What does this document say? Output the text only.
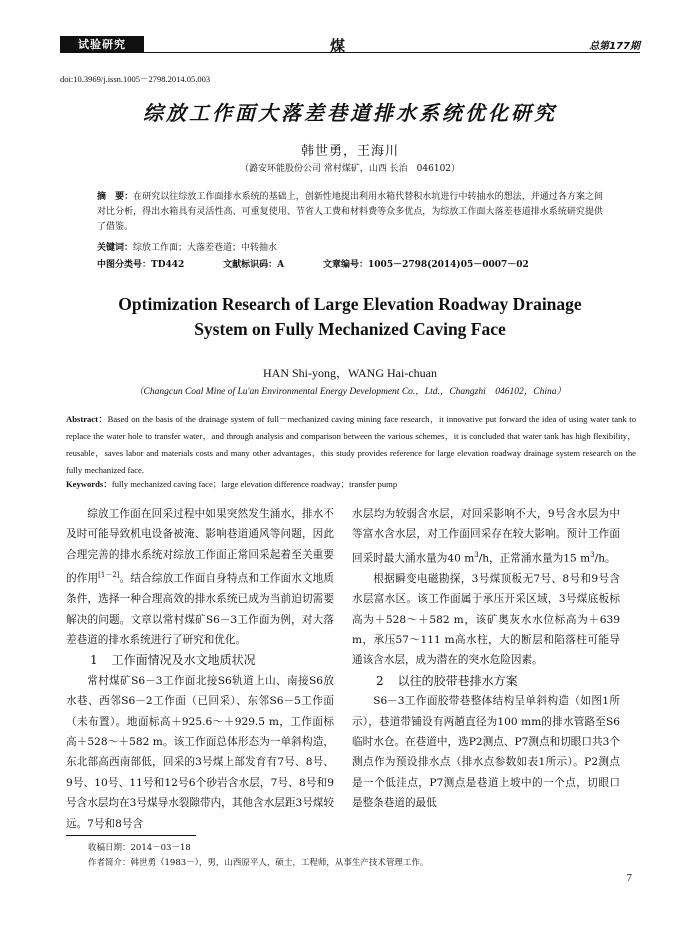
试验研究	煤	总第177期
doi:10.3969/j.issn.1005－2798.2014.05.003
综放工作面大落差巷道排水系统优化研究
韩世勇，王海川
（潞安环能股份公司 常村煤矿，山西 长治　046102）
摘　要：在研究以往综放工作面排水系统的基础上，创新性地提出利用水箱代替积水坑进行中转抽水的想法，并通过各方案之间对比分析，得出水箱具有灵活性高、可重复使用、节省人工费和材料费等众多优点，为综放工作面大落差巷道排水系统研究提供了借鉴。
关键词：综放工作面；大落差巷道；中转抽水
中图分类号：TD442	文献标识码：A	文章编号：1005－2798(2014)05－0007－02
Optimization Research of Large Elevation Roadway Drainage
System on Fully Mechanized Caving Face
HAN Shi-yong，WANG Hai-chuan
（Changcun Coal Mine of Lu'an Environmental Energy Development Co.，Ltd.，Changzhi　046102，China）
Abstract：Based on the basis of the drainage system of full－mechanized caving mining face research，it innovative put forward the idea of using water tank to replace the water hole to transfer water，and through analysis and comparison between the various schemes，it is concluded that water tank has high flexibility，reusable，saves labor and materials costs and many other advantages，this study provides reference for large elevation roadway drainage system research on the fully mechanized face.
Keywords：fully mechanized caving face；large elevation difference roadway；transfer pump

综放工作面在回采过程中如果突然发生涌水，排水不及时可能导致机电设备被淹、影响巷道通风等问题，因此合理完善的排水系统对综放工作面正常回采起着至关重要的作用[1－2]。结合综放工作面自身特点和工作面水文地质条件，选择一种合理高效的排水系统已成为当前迫切需要解决的问题。文章以常村煤矿S6－3工作面为例，对大落差巷道的排水系统进行了研究和优化。

1 工作面情况及水文地质状况

常村煤矿S6－3工作面北接S6轨道上山、南接S6放水巷、西邻S6－2工作面（已回采）、东邻S6－5工作面（未布置）。地面标高＋925.6～＋929.5 m，工作面标高＋528～＋582 m。该工作面总体形态为一单斜构造，东北部高西南部低，回采的3号煤上部发育有7号、8号、9号、10号、11号和12号6个砂岩含水层，7号、8号和9号含水层均在3号煤导水裂隙带内，其他含水层距3号煤较远。7号和8号含

水层均为较弱含水层，对回采影响不大，9号含水层为中等富水含水层，对工作面回采存在较大影响。预计工作面回采时最大涌水量为40 $m^3/h$，正常涌水量为15 $m^3/h$。

根据瞬变电磁勘探，3号煤顶板无7号、8号和9号含水层富水区。该工作面属于承压开采区域，3号煤底板标高为＋528～＋582 m，该矿奥灰水水位标高为＋639 m，承压57～111 m高水柱，大的断层和陷落柱可能导通该含水层，成为潜在的突水危险因素。

2 以往的胶带巷排水方案

S6－3工作面胶带巷整体结构呈单斜构造（如图1所示），巷道带铺设有两趟直径为100 mm的排水管路至S6临时水仓。在巷道中，选P2测点、P7测点和切眼口共3个测点作为预设排水点（排水点参数如表1所示）。P2测点是一个低洼点，P7测点是巷道上坡中的一个点，切眼口是整条巷道的最低

收稿日期：2014－03－18
作者简介：韩世勇（1983－），男，山西原平人，硕士，工程师，从事生产技术管理工作。
7
